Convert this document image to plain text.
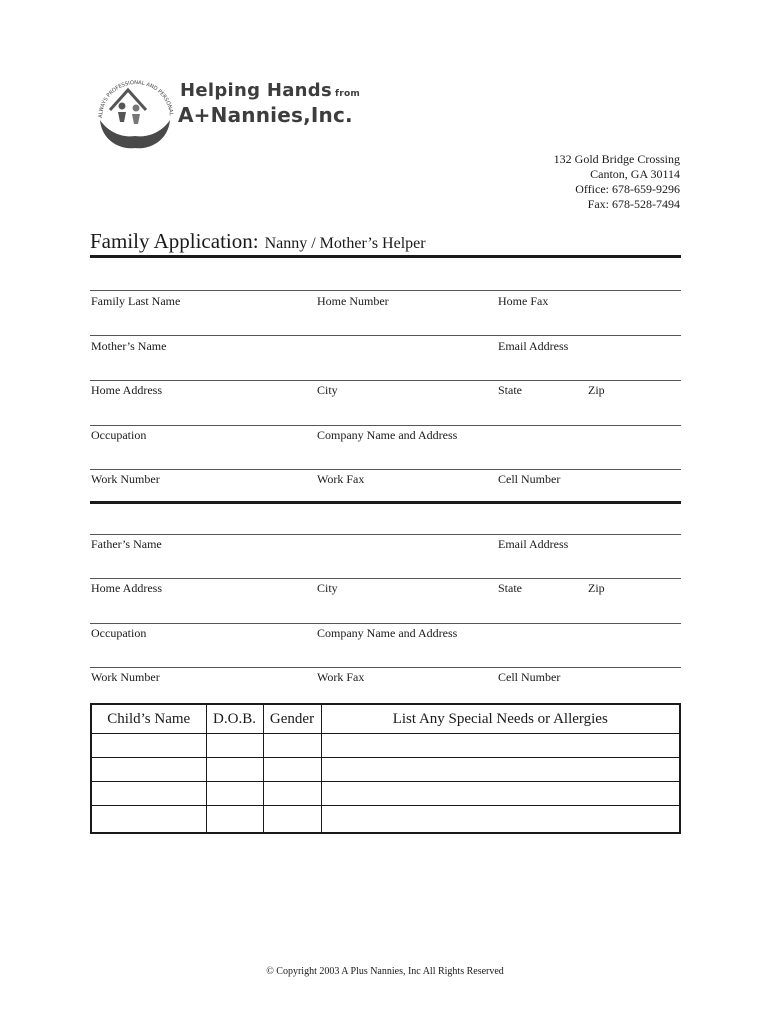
ALWAYS PROFESSIONAL AND PERSONAL
Helping Hands from
A+Nannies,Inc.
132 Gold Bridge Crossing
Canton, GA 30114
Office: 678-659-9296
Fax: 678-528-7494
Family Application: Nanny / Mother’s Helper
Family Last Name	Home Number	Home Fax
Mother’s Name	Email Address
Home Address	City	State	Zip
Occupation	Company Name and Address
Work Number	Work Fax	Cell Number
Father’s Name	Email Address
Home Address	City	State	Zip
Occupation	Company Name and Address
Work Number	Work Fax	Cell Number
Child’s Name	D.O.B.	Gender	List Any Special Needs or Allergies

© Copyright 2003 A Plus Nannies, Inc All Rights Reserved
